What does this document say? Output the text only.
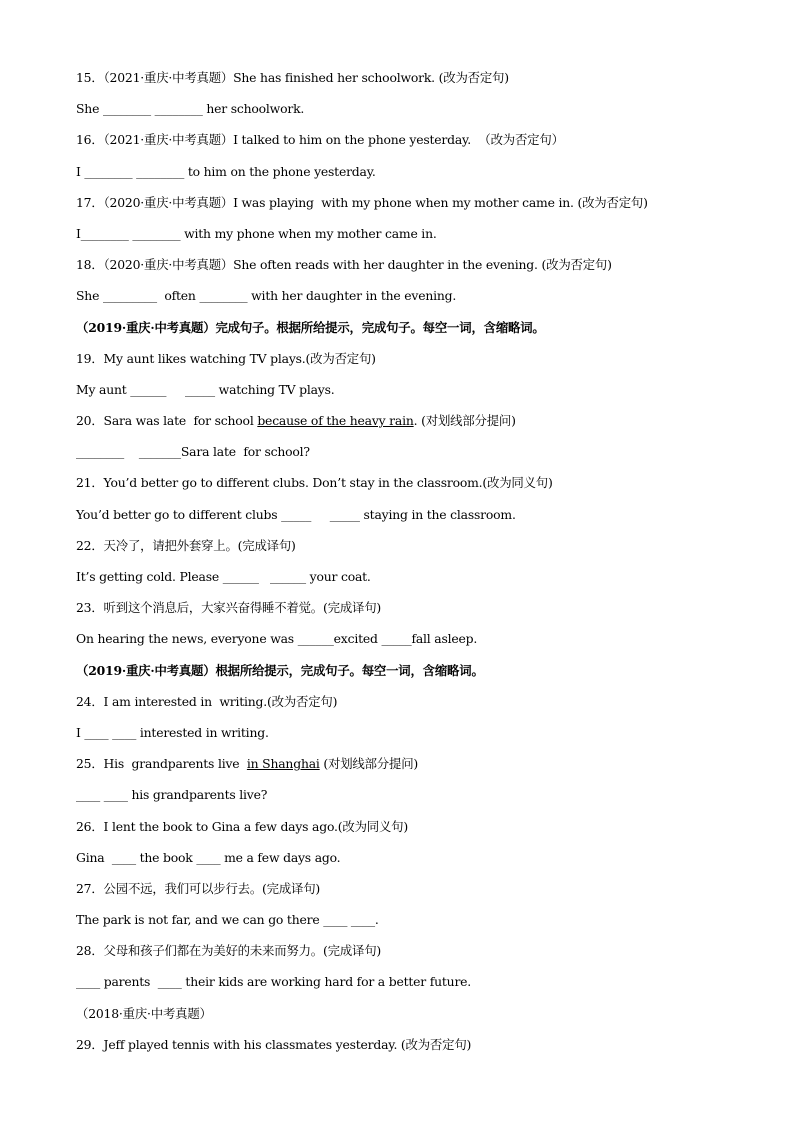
15．（2021·重庆·中考真题）She has finished her schoolwork. (改为否定句)
She ________ ________ her schoolwork.
16．（2021·重庆·中考真题）I talked to him on the phone yesterday.  （改为否定句）
I ________ ________ to him on the phone yesterday.
17．（2020·重庆·中考真题）I was playing  with my phone when my mother came in. (改为否定句)
I________ ________ with my phone when my mother came in.
18．（2020·重庆·中考真题）She often reads with her daughter in the evening. (改为否定句)
She _________  often ________ with her daughter in the evening.
（2019·重庆·中考真题）完成句子。根据所给提示，完成句子。每空一词，含缩略词。
19．My aunt likes watching TV plays.(改为否定句)
My aunt ______     _____ watching TV plays.
20．Sara was late  for school because of the heavy rain. (对划线部分提问)
________    _______Sara late  for school?
21．You’d better go to different clubs. Don’t stay in the classroom.(改为同义句)
You’d better go to different clubs _____     _____ staying in the classroom.
22．天冷了，请把外套穿上。(完成译句)
It’s getting cold. Please ______   ______ your coat.
23．听到这个消息后，大家兴奋得睡不着觉。(完成译句)
On hearing the news, everyone was ______excited _____fall asleep.
（2019·重庆·中考真题）根据所给提示，完成句子。每空一词，含缩略词。
24．I am interested in  writing.(改为否定句)
I ____ ____ interested in writing.
25．His  grandparents live  in Shanghai (对划线部分提问)
____ ____ his grandparents live?
26．I lent the book to Gina a few days ago.(改为同义句)
Gina  ____ the book ____ me a few days ago.
27．公园不远，我们可以步行去。(完成译句)
The park is not far, and we can go there ____ ____.
28．父母和孩子们都在为美好的未来而努力。(完成译句)
____ parents  ____ their kids are working hard for a better future.
（2018·重庆·中考真题）
29．Jeff played tennis with his classmates yesterday. (改为否定句)
